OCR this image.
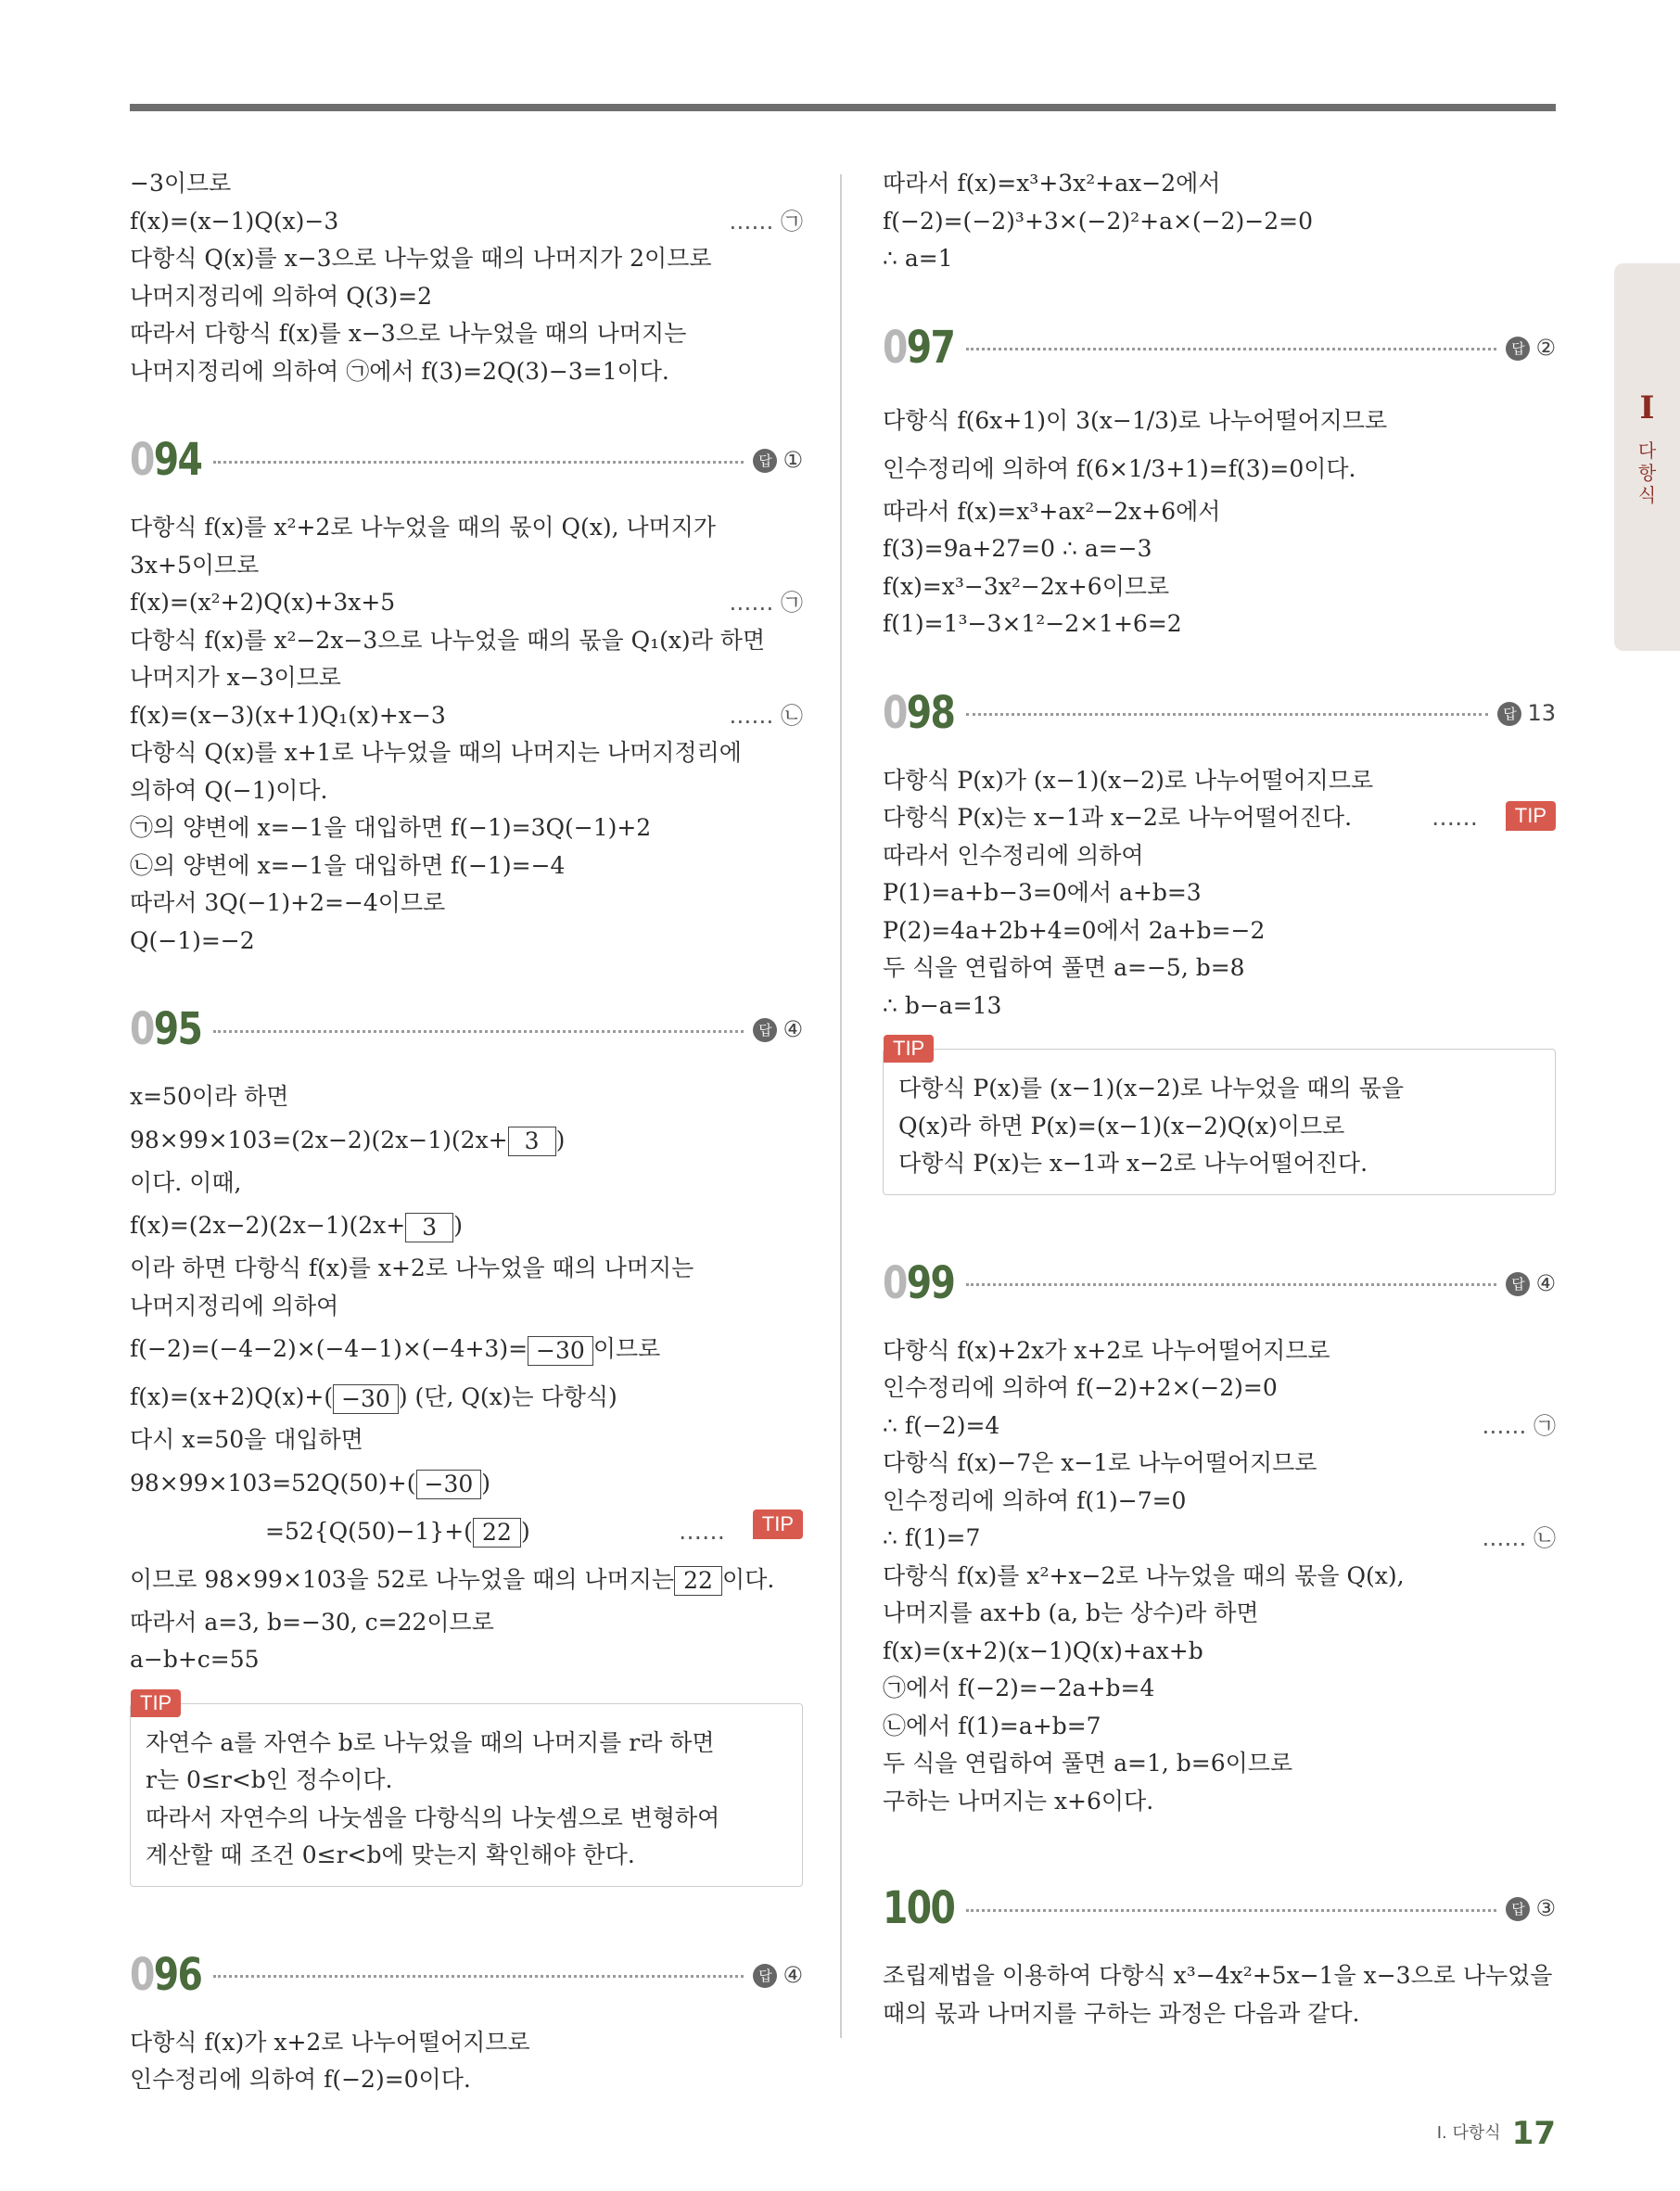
−3이므로
f(x)=(x−1)Q(x)−3	…… ㉠
다항식 Q(x)를 x−3으로 나누었을 때의 나머지가 2이므로
나머지정리에 의하여 Q(3)=2
따라서 다항식 f(x)를 x−3으로 나누었을 때의 나머지는
나머지정리에 의하여 ㉠에서 f(3)=2Q(3)−3=1이다.
094	답 ①
다항식 f(x)를 x²+2로 나누었을 때의 몫이 Q(x), 나머지가
3x+5이므로
f(x)=(x²+2)Q(x)+3x+5	…… ㉠
다항식 f(x)를 x²−2x−3으로 나누었을 때의 몫을 Q₁(x)라 하면
나머지가 x−3이므로
f(x)=(x−3)(x+1)Q₁(x)+x−3	…… ㉡
다항식 Q(x)를 x+1로 나누었을 때의 나머지는 나머지정리에
의하여 Q(−1)이다.
㉠의 양변에 x=−1을 대입하면 f(−1)=3Q(−1)+2
㉡의 양변에 x=−1을 대입하면 f(−1)=−4
따라서 3Q(−1)+2=−4이므로
Q(−1)=−2
095	답 ④
x=50이라 하면
98×99×103=(2x−2)(2x−1)(2x+ 3 )
이다. 이때,
f(x)=(2x−2)(2x−1)(2x+ 3 )
이라 하면 다항식 f(x)를 x+2로 나누었을 때의 나머지는
나머지정리에 의하여
f(−2)=(−4−2)×(−4−1)×(−4+3)= −30 이므로
f(x)=(x+2)Q(x)+( −30 ) (단, Q(x)는 다항식)
다시 x=50을 대입하면
98×99×103=52Q(50)+( −30 )
=52{Q(50)−1}+( 22 )	……	TIP
이므로 98×99×103을 52로 나누었을 때의 나머지는 22 이다.
따라서 a=3, b=−30, c=22이므로
a−b+c=55
TIP
자연수 a를 자연수 b로 나누었을 때의 나머지를 r라 하면
r는 0≤r<b인 정수이다.
따라서 자연수의 나눗셈을 다항식의 나눗셈으로 변형하여
계산할 때 조건 0≤r<b에 맞는지 확인해야 한다.
096	답 ④
다항식 f(x)가 x+2로 나누어떨어지므로
인수정리에 의하여 f(−2)=0이다.
따라서 f(x)=x³+3x²+ax−2에서
f(−2)=(−2)³+3×(−2)²+a×(−2)−2=0
∴ a=1
097	답 ②
다항식 f(6x+1)이 3(x−1/3)로 나누어떨어지므로
인수정리에 의하여 f(6×1/3+1)=f(3)=0이다.
따라서 f(x)=x³+ax²−2x+6에서
f(3)=9a+27=0 ∴ a=−3
f(x)=x³−3x²−2x+6이므로
f(1)=1³−3×1²−2×1+6=2
098	답 13
다항식 P(x)가 (x−1)(x−2)로 나누어떨어지므로
다항식 P(x)는 x−1과 x−2로 나누어떨어진다.	……	TIP
따라서 인수정리에 의하여
P(1)=a+b−3=0에서 a+b=3
P(2)=4a+2b+4=0에서 2a+b=−2
두 식을 연립하여 풀면 a=−5, b=8
∴ b−a=13
TIP
다항식 P(x)를 (x−1)(x−2)로 나누었을 때의 몫을
Q(x)라 하면 P(x)=(x−1)(x−2)Q(x)이므로
다항식 P(x)는 x−1과 x−2로 나누어떨어진다.
099	답 ④
다항식 f(x)+2x가 x+2로 나누어떨어지므로
인수정리에 의하여 f(−2)+2×(−2)=0
∴ f(−2)=4	…… ㉠
다항식 f(x)−7은 x−1로 나누어떨어지므로
인수정리에 의하여 f(1)−7=0
∴ f(1)=7	…… ㉡
다항식 f(x)를 x²+x−2로 나누었을 때의 몫을 Q(x),
나머지를 ax+b (a, b는 상수)라 하면
f(x)=(x+2)(x−1)Q(x)+ax+b
㉠에서 f(−2)=−2a+b=4
㉡에서 f(1)=a+b=7
두 식을 연립하여 풀면 a=1, b=6이므로
구하는 나머지는 x+6이다.
100	답 ③
조립제법을 이용하여 다항식 x³−4x²+5x−1을 x−3으로 나누었을
때의 몫과 나머지를 구하는 과정은 다음과 같다.
I
다
항
식
I. 다항식 17
